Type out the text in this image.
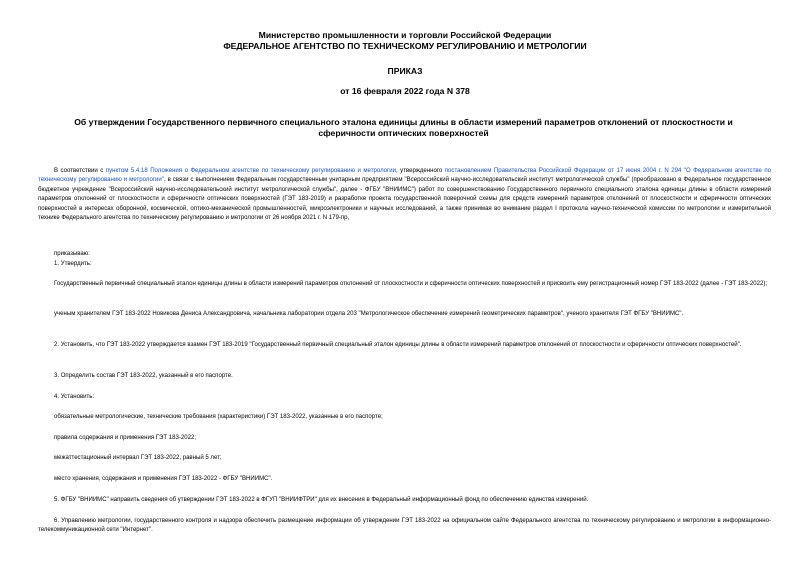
Министерство промышленности и торговли Российской Федерации

ФЕДЕРАЛЬНОЕ АГЕНТСТВО ПО ТЕХНИЧЕСКОМУ РЕГУЛИРОВАНИЮ И МЕТРОЛОГИИ

ПРИКАЗ

от 16 февраля 2022 года N 378

Об утверждении Государственного первичного специального эталона единицы длины в области измерений параметров отклонений от плоскостности и

сферичности оптических поверхностей

В соответствии с пунктом 5.4.18 Положения о Федеральном агентстве по техническому регулированию и метрологии, утвержденного постановлением Правительства Российской Федерации от 17 июня 2004 г. N 294 "О Федеральном агентстве по техническому регулированию и метрологии", в связи с выполнением Федеральным государственным унитарным предприятием "Всероссийский научно-исследовательский институт метрологической службы" (преобразовано в Федеральное государственное бюджетное учреждение "Всероссийский научно-исследовательский институт метрологической службы", далее - ФГБУ "ВНИИМС") работ по совершенствованию Государственного первичного специального эталона единицы длины в области измерений параметров отклонений от плоскостности и сферичности оптических поверхностей (ГЭТ 183-2019) и разработке проекта государственной поверочной схемы для средств измерений параметров отклонений от плоскостности и сферичности оптических поверхностей в интересах оборонной, космической, оптико-механической промышленностей, микроэлектроники и научных исследований, а также принимая во внимание раздел I протокола научно-технической комиссии по метрологии и измерительной технике Федерального агентства по техническому регулированию и метрологии от 26 ноября 2021 г. N 179-пр,

приказываю:

1. Утвердить:

Государственный первичный специальный эталон единицы длины в области измерений параметров отклонений от плоскостности и сферичности оптических поверхностей и присвоить ему регистрационный номер ГЭТ 183-2022 (далее - ГЭТ 183-2022);

ученым хранителем ГЭТ 183-2022 Новикова Дениса Александровича, начальника лаборатории отдела 203 "Метрологическое обеспечение измерений геометрических параметров", ученого хранителя ГЭТ ФГБУ "ВНИИМС".

2. Установить, что ГЭТ 183-2022 утверждается взамен ГЭТ 183-2019 "Государственный первичный специальный эталон единицы длины в области измерений параметров отклонений от плоскостности и сферичности оптических поверхностей".

3. Определить состав ГЭТ 183-2022, указанный в его паспорте.

4. Установить:

обязательные метрологические, технические требования (характеристики) ГЭТ 183-2022, указанные в его паспорте;

правила содержания и применения ГЭТ 183-2022;

межаттестационный интервал ГЭТ 183-2022, равный 5 лет;

место хранения, содержания и применения ГЭТ 183-2022 - ФГБУ "ВНИИМС".

5. ФГБУ "ВНИИМС" направить сведения об утверждении ГЭТ 183-2022 в ФГУП "ВНИИФТРИ" для их внесения в Федеральный информационный фонд по обеспечению единства измерений.

6. Управлению метрологии, государственного контроля и надзора обеспечить размещение информации об утверждении ГЭТ 183-2022 на официальном сайте Федерального агентства по техническому регулированию и метрологии в информационно-телекоммуникационной сети "Интернет".
